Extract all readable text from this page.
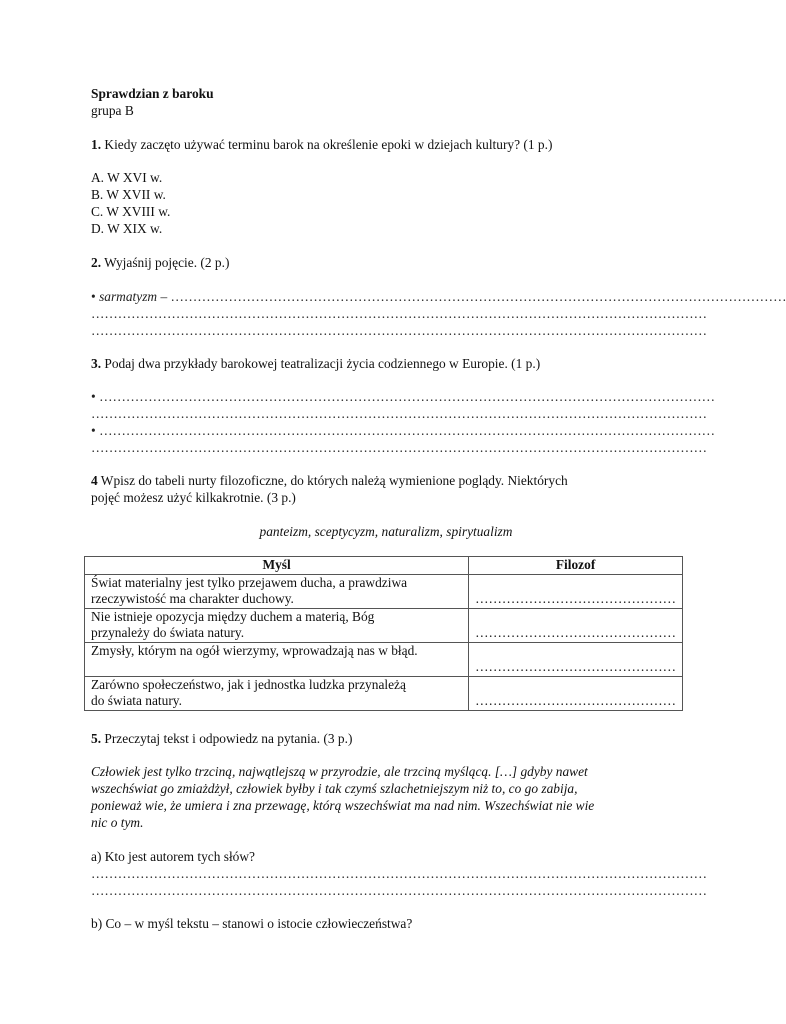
Sprawdzian z baroku
grupa B
1. Kiedy zaczęto używać terminu barok na określenie epoki w dziejach kultury? (1 p.)
A. W XVI w.
B. W XVII w.
C. W XVIII w.
D. W XIX w.
2. Wyjaśnij pojęcie. (2 p.)
• sarmatyzm – …………………………………………………………………………………………………………………………
…………………………………………………………………………………………………………………………
…………………………………………………………………………………………………………………………
3. Podaj dwa przykłady barokowej teatralizacji życia codziennego w Europie. (1 p.)
• …………………………………………………………………………………………………………………………
…………………………………………………………………………………………………………………………
• …………………………………………………………………………………………………………………………
…………………………………………………………………………………………………………………………
4 Wpisz do tabeli nurty filozoficzne, do których należą wymienione poglądy. Niektórych
pojęć możesz użyć kilkakrotnie. (3 p.)
panteizm, sceptycyzm, naturalizm, spirytualizm
Myśl	Filozof

Świat materialny jest tylko przejawem ducha, a prawdziwa
rzeczywistość ma charakter duchowy.	………………………………………

Nie istnieje opozycja między duchem a materią, Bóg
przynależy do świata natury.	………………………………………

Zmysły, którym na ogół wierzymy, wprowadzają nas w błąd.	………………………………………

Zarówno społeczeństwo, jak i jednostka ludzka przynależą
do świata natury.	………………………………………
5. Przeczytaj tekst i odpowiedz na pytania. (3 p.)
Człowiek jest tylko trzciną, najwątlejszą w przyrodzie, ale trzciną myślącą. […] gdyby nawet
wszechświat go zmiażdżył, człowiek byłby i tak czymś szlachetniejszym niż to, co go zabija,
ponieważ wie, że umiera i zna przewagę, którą wszechświat ma nad nim. Wszechświat nie wie
nic o tym.
a) Kto jest autorem tych słów?
…………………………………………………………………………………………………………………………
…………………………………………………………………………………………………………………………
b) Co – w myśl tekstu – stanowi o istocie człowieczeństwa?
